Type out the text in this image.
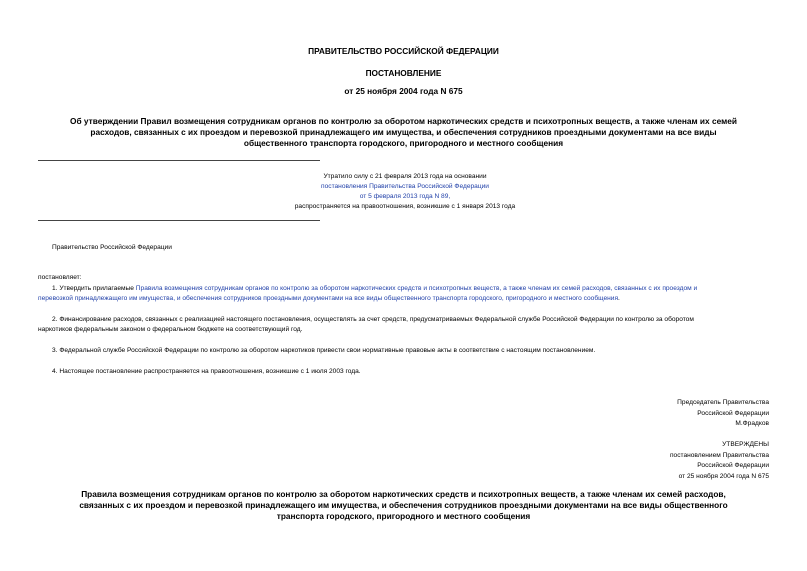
ПРАВИТЕЛЬСТВО РОССИЙСКОЙ ФЕДЕРАЦИИ
ПОСТАНОВЛЕНИЕ
от 25 ноября 2004 года N 675
Об утверждении Правил возмещения сотрудникам органов по контролю за оборотом наркотических средств и психотропных веществ, а также членам их семей
расходов, связанных с их проездом и перевозкой принадлежащего им имущества, и обеспечения сотрудников проездными документами на все виды
общественного транспорта городского, пригородного и местного сообщения
Утратило силу с 21 февраля 2013 года на основании
постановления Правительства Российской Федерации
от 5 февраля 2013 года N 89,
распространяется на правоотношения, возникшие с 1 января 2013 года
Правительство Российской Федерации
постановляет:
1. Утвердить прилагаемые Правила возмещения сотрудникам органов по контролю за оборотом наркотических средств и психотропных веществ, а также членам их семей расходов, связанных с их проездом и
перевозкой принадлежащего им имущества, и обеспечения сотрудников проездными документами на все виды общественного транспорта городского, пригородного и местного сообщения.
2. Финансирование расходов, связанных с реализацией настоящего постановления, осуществлять за счет средств, предусматриваемых Федеральной службе Российской Федерации по контролю за оборотом
наркотиков федеральным законом о федеральном бюджете на соответствующий год.
3. Федеральной службе Российской Федерации по контролю за оборотом наркотиков привести свои нормативные правовые акты в соответствие с настоящим постановлением.
4. Настоящее постановление распространяется на правоотношения, возникшие с 1 июля 2003 года.
Председатель Правительства
Российской Федерации
М.Фрадков
УТВЕРЖДЕНЫ
постановлением Правительства
Российской Федерации
от 25 ноября 2004 года N 675
Правила возмещения сотрудникам органов по контролю за оборотом наркотических средств и психотропных веществ, а также членам их семей расходов,
связанных с их проездом и перевозкой принадлежащего им имущества, и обеспечения сотрудников проездными документами на все виды общественного
транспорта городского, пригородного и местного сообщения
